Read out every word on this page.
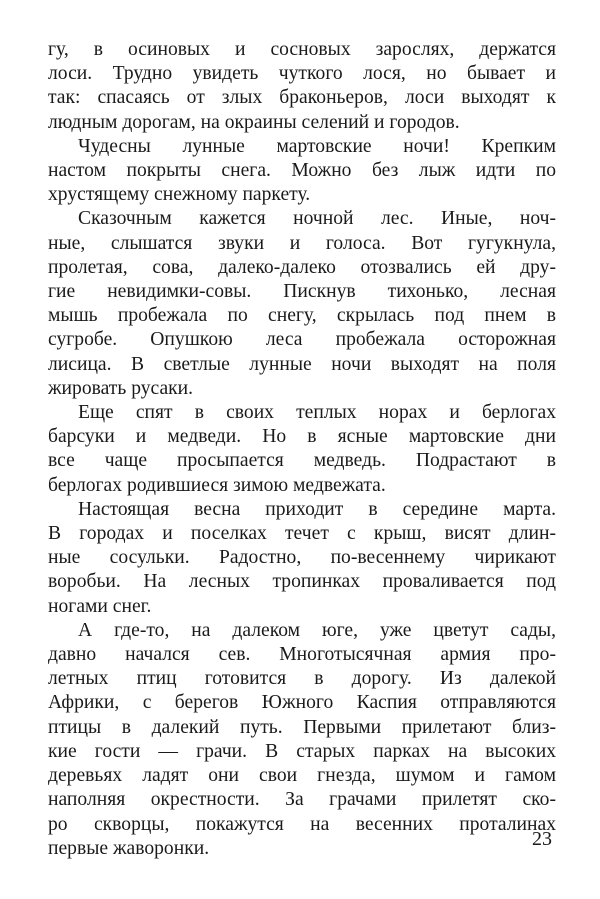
гу, в осиновых и сосновых зарослях, держатся
лоси. Трудно увидеть чуткого лося, но бывает и
так: спасаясь от злых браконьеров, лоси выходят к
людным дорогам, на окраины селений и городов.

Чудесны лунные мартовские ночи! Крепким
настом покрыты снега. Можно без лыж идти по
хрустящему снежному паркету.

Сказочным кажется ночной лес. Иные, ноч-
ные, слышатся звуки и голоса. Вот гугукнула,
пролетая, сова, далеко-далеко отозвались ей дру-
гие невидимки-совы. Пискнув тихонько, лесная
мышь пробежала по снегу, скрылась под пнем в
сугробе. Опушкою леса пробежала осторожная
лисица. В светлые лунные ночи выходят на поля
жировать русаки.

Еще спят в своих теплых норах и берлогах
барсуки и медведи. Но в ясные мартовские дни
все чаще просыпается медведь. Подрастают в
берлогах родившиеся зимою медвежата.

Настоящая весна приходит в середине марта.
В городах и поселках течет с крыш, висят длин-
ные сосульки. Радостно, по-весеннему чирикают
воробьи. На лесных тропинках проваливается под
ногами снег.

А где-то, на далеком юге, уже цветут сады,
давно начался сев. Многотысячная армия про-
летных птиц готовится в дорогу. Из далекой
Африки, с берегов Южного Каспия отправляются
птицы в далекий путь. Первыми прилетают близ-
кие гости — грачи. В старых парках на высоких
деревьях ладят они свои гнезда, шумом и гамом
наполняя окрестности. За грачами прилетят ско-
ро скворцы, покажутся на весенних проталинах
первые жаворонки.	23
